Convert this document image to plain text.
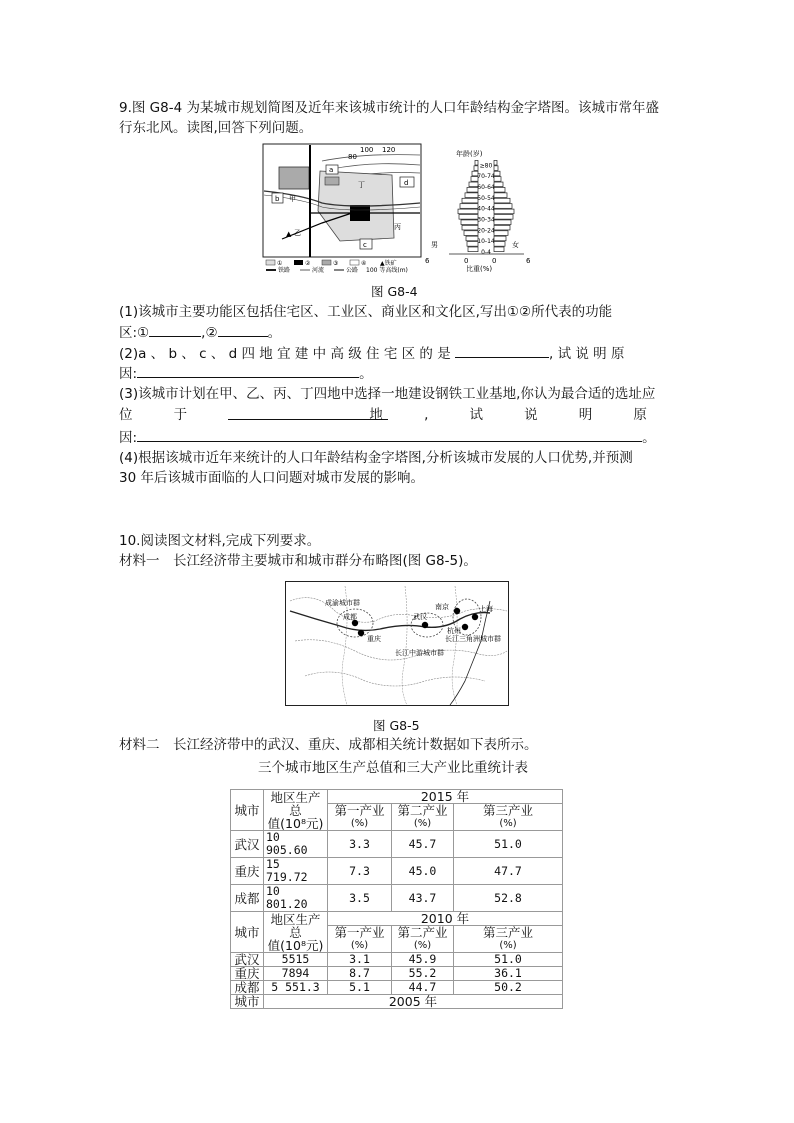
9.图 G8-4 为某城市规划简图及近年来该城市统计的人口年龄结构金字塔图。该城市常年盛
行东北风。读图,回答下列问题。
80
100 120
a
b
c
d
甲
乙
丙
丁
▲
①	②	③	④ ▲铁矿
铁路	河流	公路 100 等高线(m)
年龄(岁)
≥80
70-74
60-64
50-54
40-44
30-34
20-24
10-14
0-4
男	女
6	0	0	6
比重(%)
图 G8-4
(1)该城市主要功能区包括住宅区、工业区、商业区和文化区,写出①②所代表的功能
区:①	,②	。
(2)a 、 b 、 c 、 d 四 地 宜 建 中 高 级 住 宅 区 的 是	, 试 说 明 原
因:	。
(3)该城市计划在甲、乙、丙、丁四地中选择一地建设钢铁工业基地,你认为最合适的选址应
位	于	地	,	试	说	明	原
因:	。
(4)根据该城市近年来统计的人口年龄结构金字塔图,分析该城市发展的人口优势,并预测
30 年后该城市面临的人口问题对城市发展的影响。
10.阅读图文材料,完成下列要求。
材料一　长江经济带主要城市和城市群分布略图(图 G8-5)。
成渝城市群
长江中游城市群
长江三角洲城市群
成都
重庆
武汉
南京	上海
杭州
图 G8-5
材料二　长江经济带中的武汉、重庆、成都相关统计数据如下表所示。
三个城市地区生产总值和三大产业比重统计表
城市	地区生产
总
值(10⁸元)	2015 年		

		第一产业
(%)	第二产业
(%)	第三产业
(%)

武汉	10 905.60	3.3	45.7	51.0
重庆	15 719.72	7.3	45.0	47.7
成都	10 801.20	3.5	43.7	52.8
城市	地区生产
总
值(10⁸元)	2010 年		

		第一产业
(%)	第二产业
(%)	第三产业
(%)

武汉	5515	3.1	45.9	51.0
重庆	7894	8.7	55.2	36.1
成都	5 551.3	5.1	44.7	50.2
城市	2005 年			
